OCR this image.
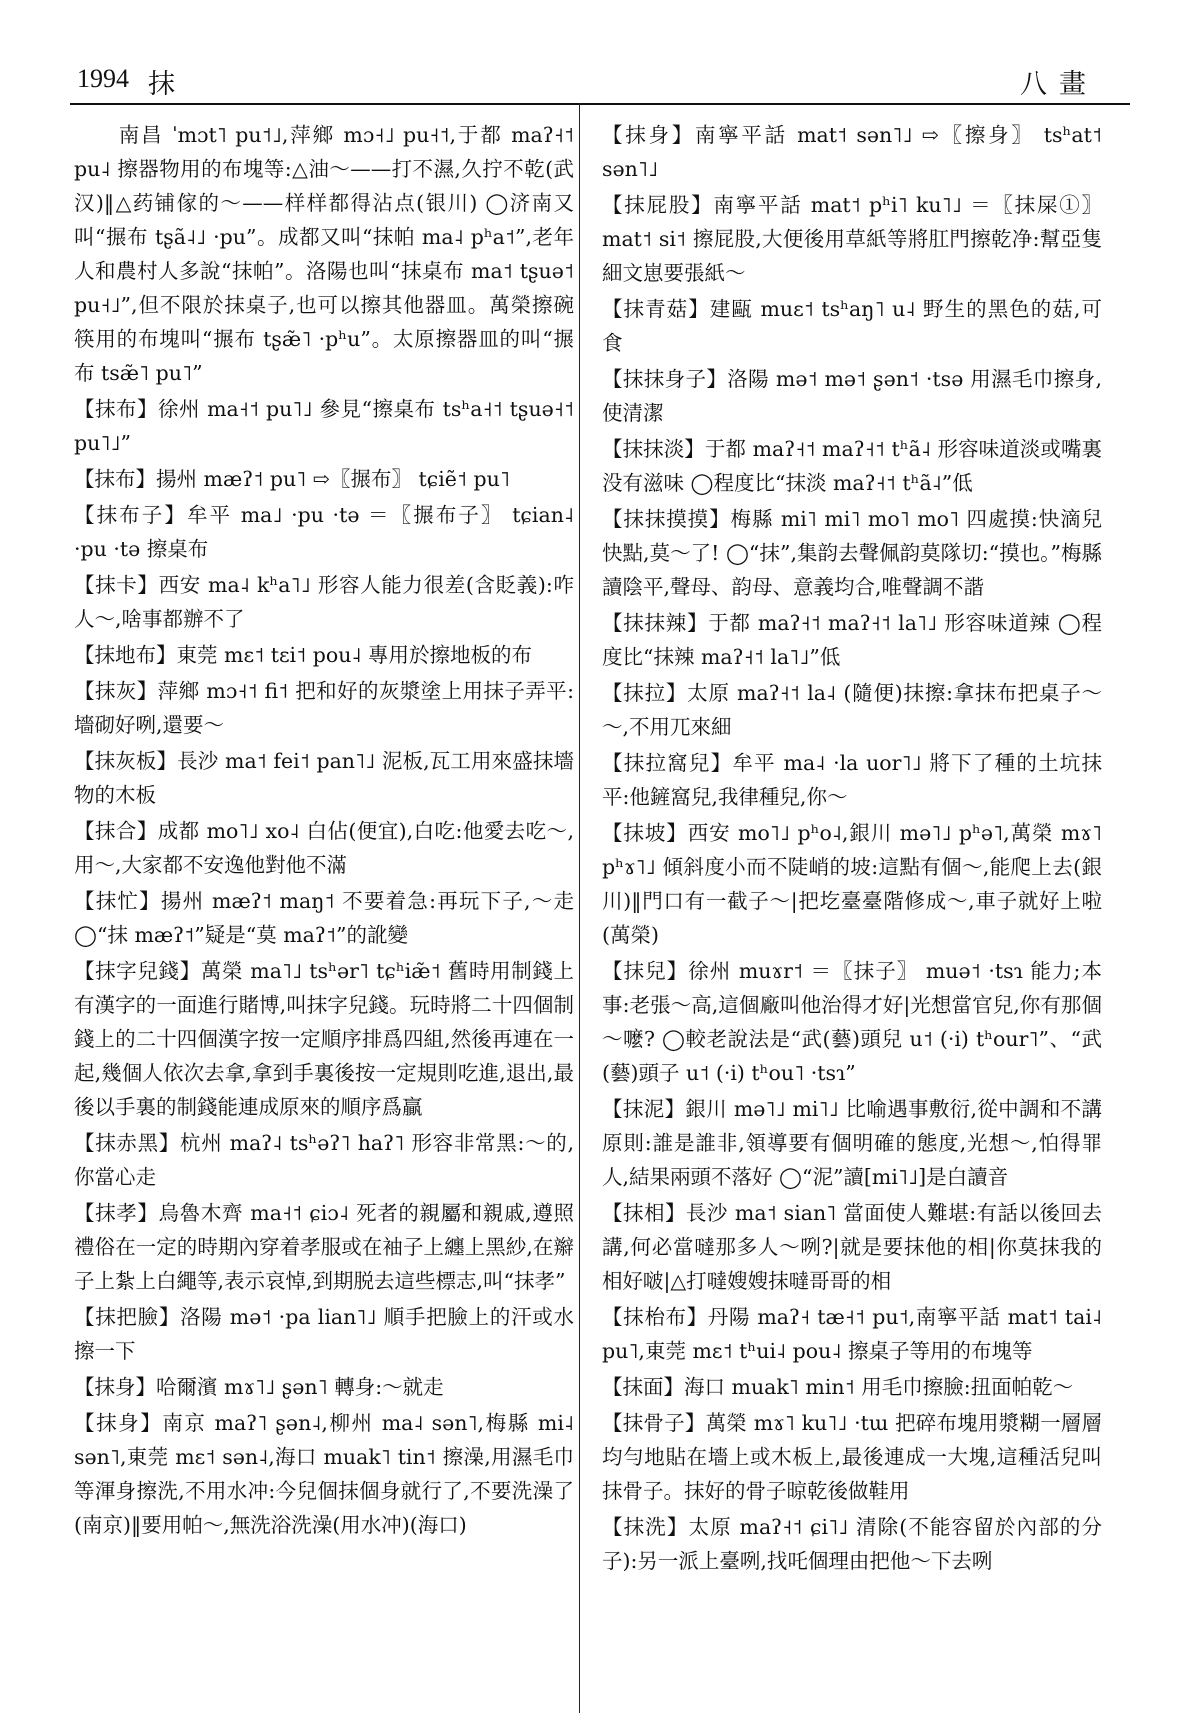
1994 抹	八畫

　　南昌 ˈmɔt˥ pu˦˩,萍鄉 mɔ˧˩ pu˧˦,于都 maʔ˧˦ pu˨ 擦器物用的布塊等:△油～——打不濕,久拧不乾(武汉)‖△药铺傢的～——样样都得沾点(银川) ◯济南又叫“搌布 tʂã˨˩ ·pu”。成都又叫“抹帕 ma˨ pʰa˦”,老年人和農村人多說“抹帕”。洛陽也叫“抹桌布 ma˦ tʂuə˦ pu˧˩”,但不限於抹桌子,也可以擦其他器皿。萬榮擦碗筷用的布塊叫“搌布 tʂæ̃˥ ·pʰu”。太原擦器皿的叫“搌布 tsæ̃˥ pu˥”

【抹布】徐州 ma˧˦ pu˥˩ 參見“擦桌布 tsʰa˧˦ tʂuə˧˦ pu˥˩”

【抹布】揚州 mæʔ˦ pu˥ ⇨〖搌布〗 tɕiẽ˦ pu˥

【抹布子】牟平 ma˩ ·pu ·tə ＝〖搌布子〗 tɕian˨ ·pu ·tə 擦桌布

【抹卡】西安 ma˨ kʰa˥˩ 形容人能力很差(含貶義):咋人～,啥事都辦不了

【抹地布】東莞 mɛ˦ tɛi˦ pou˨ 專用於擦地板的布

【抹灰】萍鄉 mɔ˧˦ fi˦ 把和好的灰漿塗上用抹子弄平:墻砌好咧,還要～

【抹灰板】長沙 ma˦ fei˦ pan˥˩ 泥板,瓦工用來盛抹墻物的木板

【抹合】成都 mo˥˩ xo˨ 白佔(便宜),白吃:他愛去吃～,用～,大家都不安逸他對他不滿

【抹忙】揚州 mæʔ˦ maŋ˦ 不要着急:再玩下子,～走 ◯“抹 mæʔ˦”疑是“莫 maʔ˦”的訛變

【抹字兒錢】萬榮 ma˥˩ tsʰər˥ tɕʰiæ̃˦ 舊時用制錢上有漢字的一面進行賭博,叫抹字兒錢。玩時將二十四個制錢上的二十四個漢字按一定順序排爲四組,然後再連在一起,幾個人依次去拿,拿到手裏後按一定規則吃進,退出,最後以手裏的制錢能連成原來的順序爲贏

【抹赤黑】杭州 maʔ˨ tsʰəʔ˥ haʔ˥ 形容非常黑:～的,你當心走

【抹孝】烏魯木齊 ma˧˦ ɕiɔ˨ 死者的親屬和親戚,遵照禮俗在一定的時期內穿着孝服或在袖子上纏上黑紗,在辮子上紮上白繩等,表示哀悼,到期脱去這些標志,叫“抹孝”

【抹把臉】洛陽 mə˦ ·pa lian˥˩ 順手把臉上的汗或水擦一下

【抹身】哈爾濱 mɤ˥˩ ʂən˥ 轉身:～就走

【抹身】南京 maʔ˥ ʂən˨,柳州 ma˨ sən˥,梅縣 mi˨ sən˥,東莞 mɛ˦ sən˨,海口 muak˥ tin˦ 擦澡,用濕毛巾等渾身擦洗,不用水冲:今兒個抹個身就行了,不要洗澡了(南京)‖要用帕～,無洗浴洗澡(用水冲)(海口)

【抹身】南寧平話 mat˦ sən˥˩ ⇨〖擦身〗 tsʰat˦ sən˥˩

【抹屁股】南寧平話 mat˦ pʰi˥ ku˥˩ ＝〖抹屎①〗 mat˦ si˦ 擦屁股,大便後用草紙等將肛門擦乾净:幫亞隻細文崽要張紙～

【抹青菇】建甌 muɛ˦ tsʰaŋ˥ u˨ 野生的黑色的菇,可食

【抹抹身子】洛陽 mə˦ mə˦ ʂən˦ ·tsə 用濕毛巾擦身,使清潔

【抹抹淡】于都 maʔ˧˦ maʔ˧˦ tʰã˨ 形容味道淡或嘴裏没有滋味 ◯程度比“抹淡 maʔ˧˦ tʰã˨”低

【抹抹摸摸】梅縣 mi˥ mi˥ mo˥ mo˥ 四處摸:快滴兒快點,莫～了! ◯“抹”,集韵去聲佩韵莫隊切:“摸也。”梅縣讀陰平,聲母、韵母、意義均合,唯聲調不諧

【抹抹辣】于都 maʔ˧˦ maʔ˧˦ la˥˩ 形容味道辣 ◯程度比“抹辣 maʔ˧˦ la˥˩”低

【抹拉】太原 maʔ˧˦ la˨ (隨便)抹擦:拿抹布把桌子～～,不用兀來細

【抹拉窩兒】牟平 ma˨ ·la uor˥˩ 將下了種的土坑抹平:他鏟窩兒,我律種兒,你～

【抹坡】西安 mo˥˩ pʰo˨,銀川 mə˥˩ pʰə˥,萬榮 mɤ˥ pʰɤ˥˩ 傾斜度小而不陡峭的坡:這點有個～,能爬上去(銀川)‖門口有一截子～|把圪臺臺階修成～,車子就好上啦(萬榮)

【抹兒】徐州 muɤr˦ ＝〖抹子〗 muə˦ ·tsɿ 能力;本事:老張～高,這個廠叫他治得才好|光想當官兒,你有那個～嚒? ◯較老說法是“武(藝)頭兒 u˦ (·i) tʰour˥”、“武(藝)頭子 u˦ (·i) tʰou˥ ·tsɿ”

【抹泥】銀川 mə˥˩ mi˥˩ 比喻遇事敷衍,從中調和不講原則:誰是誰非,領導要有個明確的態度,光想～,怕得罪人,結果兩頭不落好 ◯“泥”讀[mi˥˩]是白讀音

【抹相】長沙 ma˦ sian˥ 當面使人難堪:有話以後回去講,何必當噠那多人～咧?|就是要抹他的相|你莫抹我的相好啵|△打噠嫂嫂抹噠哥哥的相

【抹枱布】丹陽 maʔ˧ tæ˧˦ pu˦,南寧平話 mat˦ tai˨ pu˥,東莞 mɛ˦ tʰui˨ pou˨ 擦桌子等用的布塊等

【抹面】海口 muak˥ min˦ 用毛巾擦臉:扭面帕乾～

【抹骨子】萬榮 mɤ˥ ku˥˩ ·tɯ 把碎布塊用漿糊一層層均勻地貼在墻上或木板上,最後連成一大塊,這種活兒叫抹骨子。抹好的骨子晾乾後做鞋用

【抹洗】太原 maʔ˧˦ ɕi˥˩ 清除(不能容留於內部的分子):另一派上臺咧,找吒個理由把他～下去咧
